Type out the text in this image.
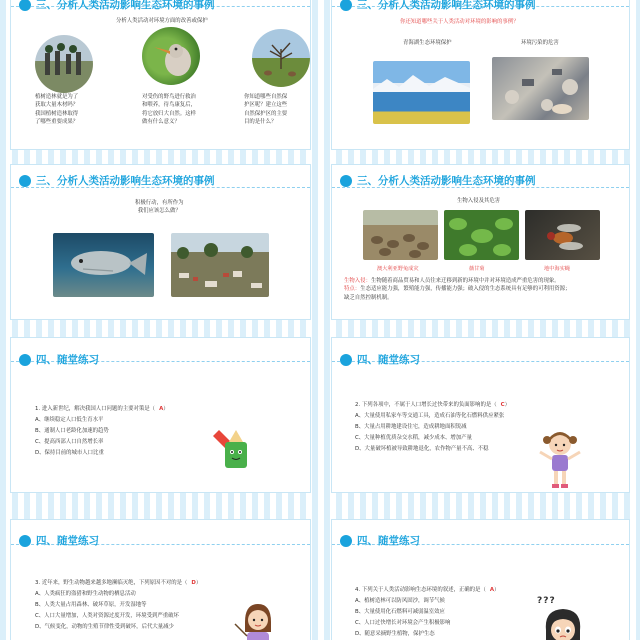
三、分析人类活动影响生态环境的事例
分析人类活动对环境方面的改善或保护
植树造林就是为了
获取大量木材吗？
我国植树造林取得
了哪些重要成果？
对受伤的野鸟进行救治
和喂养，待鸟康复后，
将它放归大自然。这样
做有什么意义？
你知道哪些自然保
护区呢？建立这些
自然保护区的主要
目的是什么？
三、分析人类活动影响生态环境的事例
你还知道哪些关于人类活动对环境的影响的事例？
青海湖生态环境保护	环境污染的危害
三、分析人类活动影响生态环境的事例
积极行动，有所作为
我们应该怎么做？
三、分析人类活动影响生态环境的事例
生物入侵及其危害
澳大利亚野兔成灾	薇甘菊	地中海实蝇
生物入侵：生物随着商品贸易和人员往来迁移到新的环境中并对环境造成严重危害的现象。
特点：生态适应能力强，繁殖能力强，传播能力强；破入侵的生态系统具有足够的可利用资源；
缺乏自然控制机制。
四、随堂练习
1. 进入新世纪，解决我国人口问题的主要对策是（ A）
A、继续稳定人口低生育水平
B、通制人口老龄化加速的趋势
C、提高西部人口自然增长率
D、保持目前的城市人口比重
四、随堂练习
2. 下列各项中，不属于人口增长过快带来的负面影响的是（ C）
A、大量使用私家车等交通工具，造成石油等化石燃料供应紧张
B、大量占用耕地建设住宅，造成耕地面积锐减
C、大量种植优质杂交水稻，减少成本、增加产量
D、大量破坏植被导致耕地退化，农作物产量不高、不稳
四、随堂练习
3. 近年来，野生动物越来越多地濒临灭绝，下列原因不对的是（ D）
A、人类疯狂的盗猎和野生动物的栖息活动
B、人类大量占用森林、破坏草原，开发湿地等
C、人口大量增加，人类对资源过度开发，环境受到严重破坏
D、气候变化，动物的生殖节律性受到破坏，后代大量减少
四、随堂练习
4. 下列关于人类活动影响生态环境的叙述，正确的是（ A）
A、植树造林可以防风固沙，调节气候
B、大量使用化石燃料可减弱温室效应
C、人口过快增长对环境会产生积极影响
D、随意采摘野生植物，保护生态
???
